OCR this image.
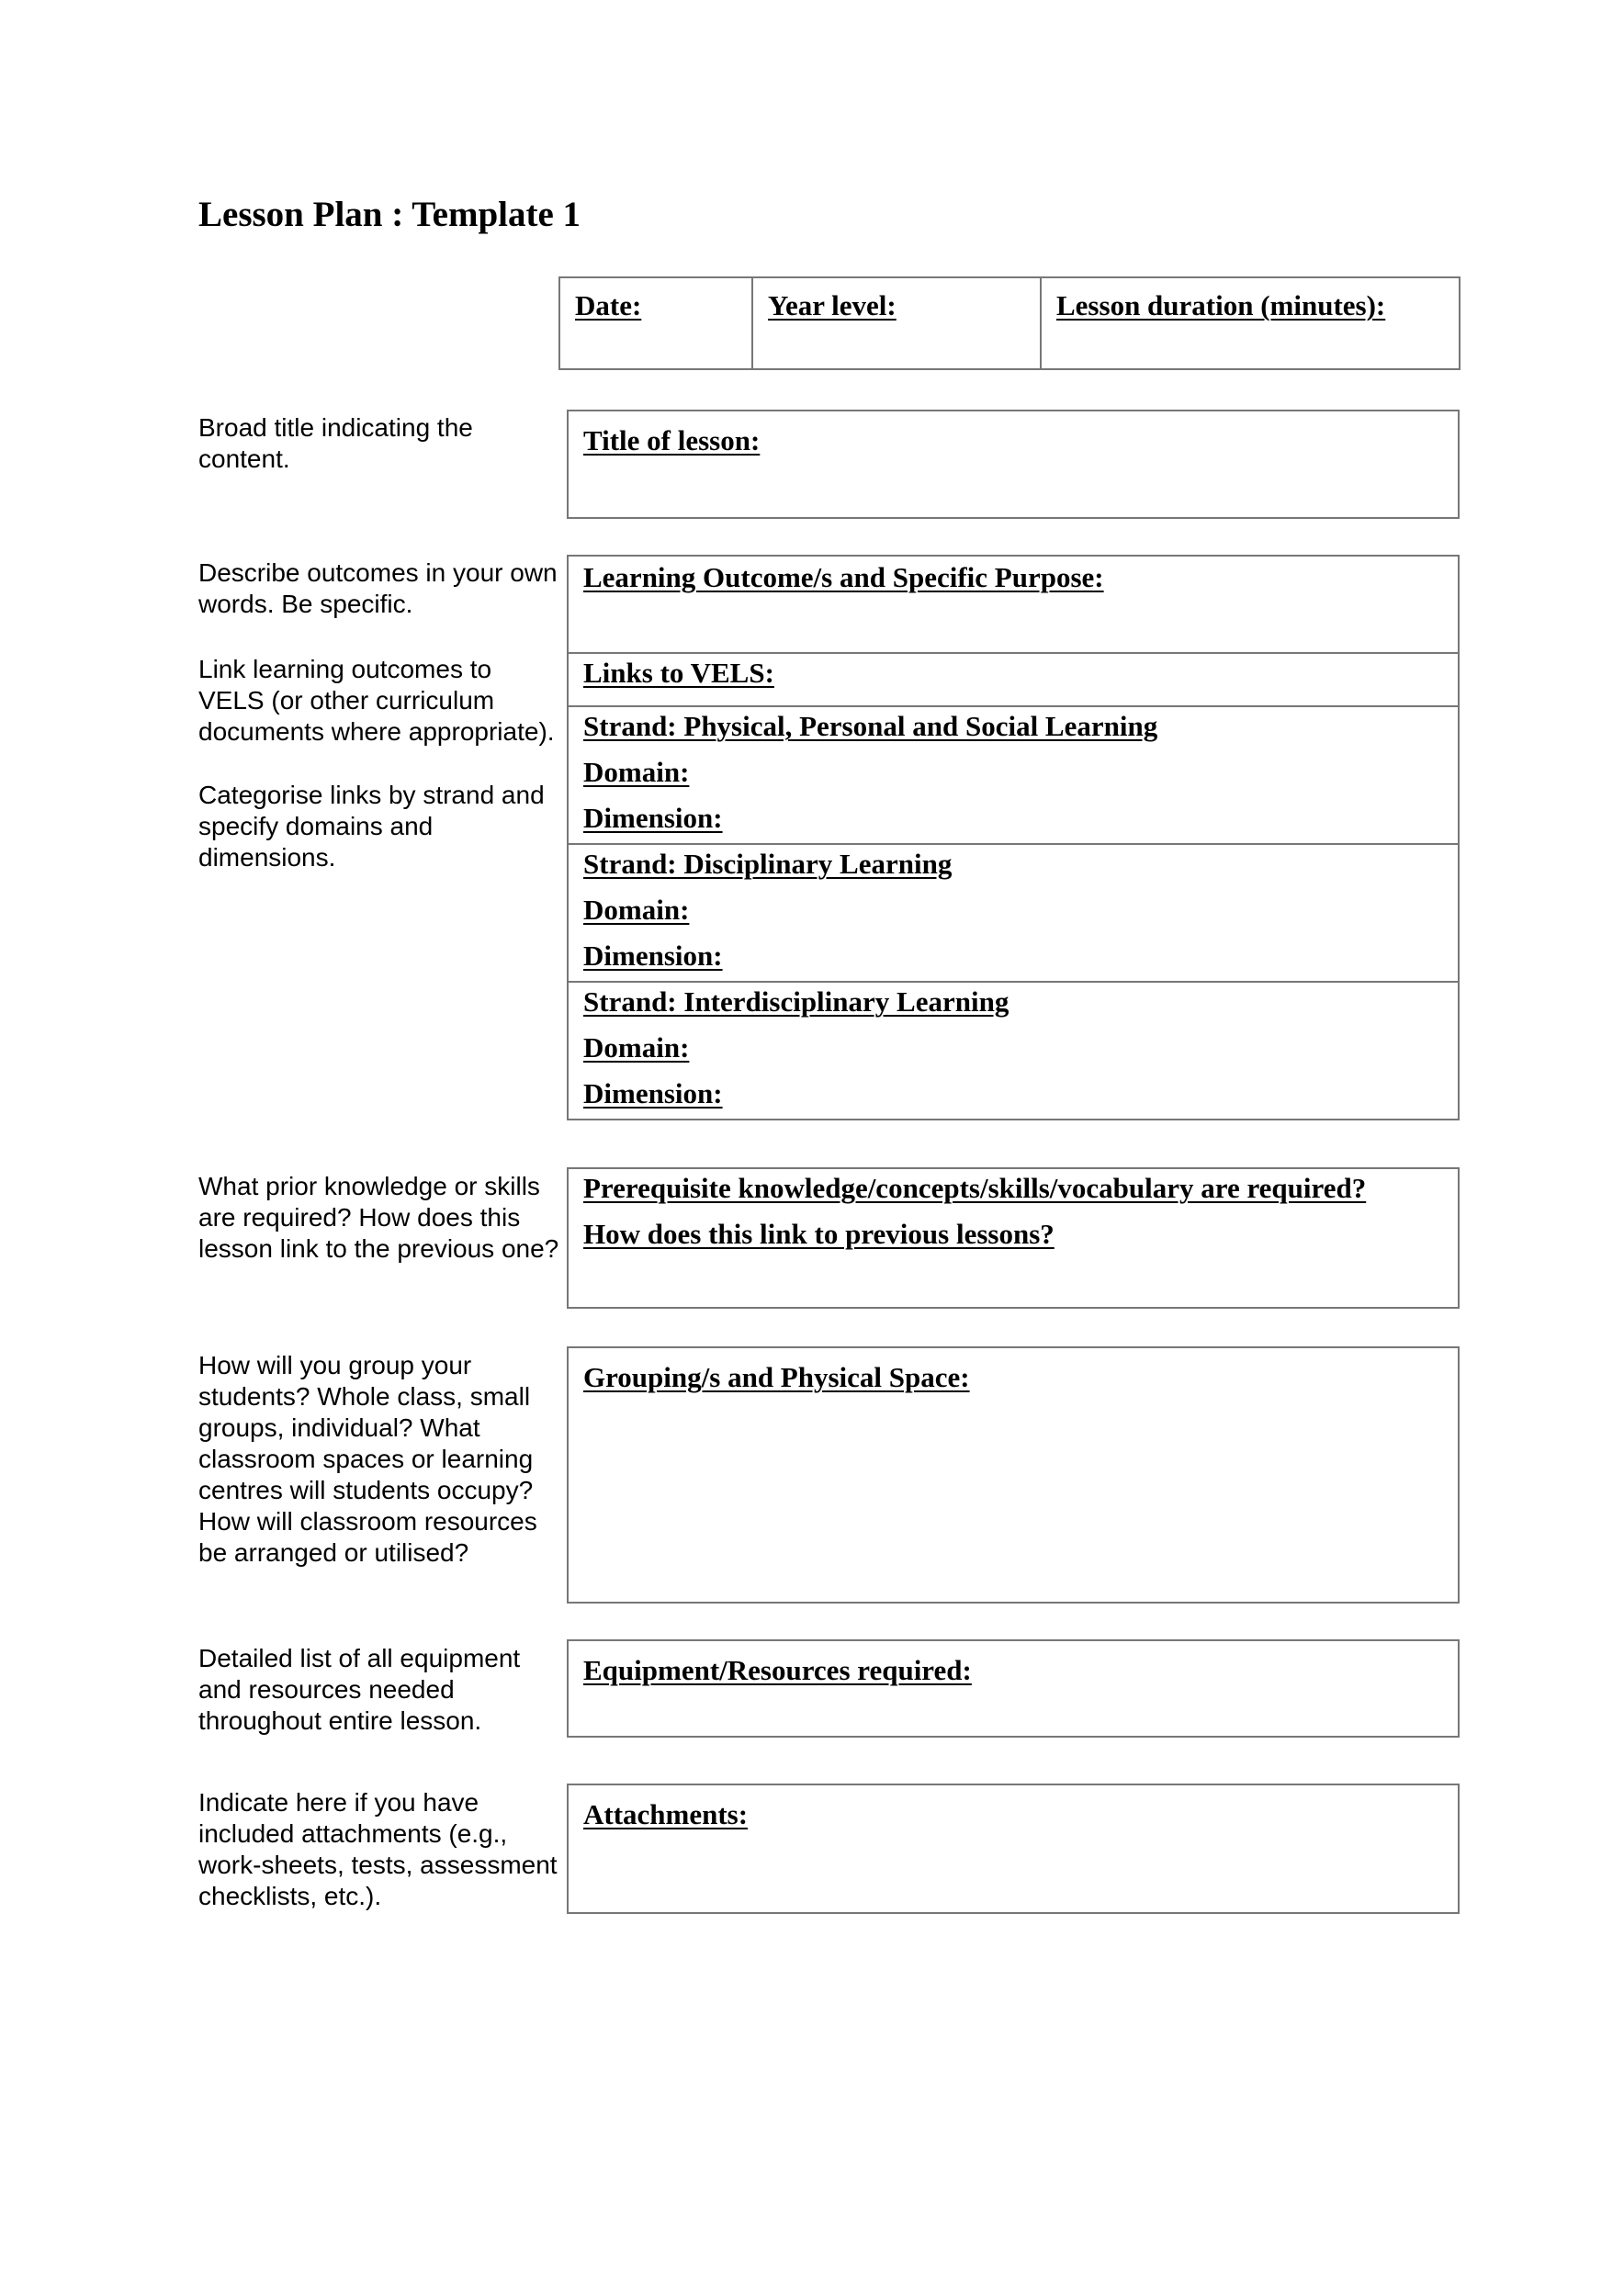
Lesson Plan : Template 1
Date:	Year level:	Lesson duration (minutes):

Broad title indicating the content.

Title of lesson:

Describe outcomes in your own words. Be specific.

Link learning outcomes to VELS (or other curriculum documents where appropriate).

Categorise links by strand and specify domains and dimensions.

Learning Outcome/s and Specific Purpose:
Links to VELS:
Strand: Physical, Personal and Social Learning
Domain:
Dimension:
Strand: Disciplinary Learning
Domain:
Dimension:
Strand: Interdisciplinary Learning
Domain:
Dimension:

What prior knowledge or skills are required? How does this lesson link to the previous one?

Prerequisite knowledge/concepts/skills/vocabulary are required?
How does this link to previous lessons?

How will you group your students? Whole class, small groups, individual? What classroom spaces or learning centres will students occupy? How will classroom resources be arranged or utilised?

Grouping/s and Physical Space:

Detailed list of all equipment and resources needed throughout entire lesson.

Equipment/Resources required:

Indicate here if you have included attachments (e.g., work-sheets, tests, assessment checklists, etc.).

Attachments:
